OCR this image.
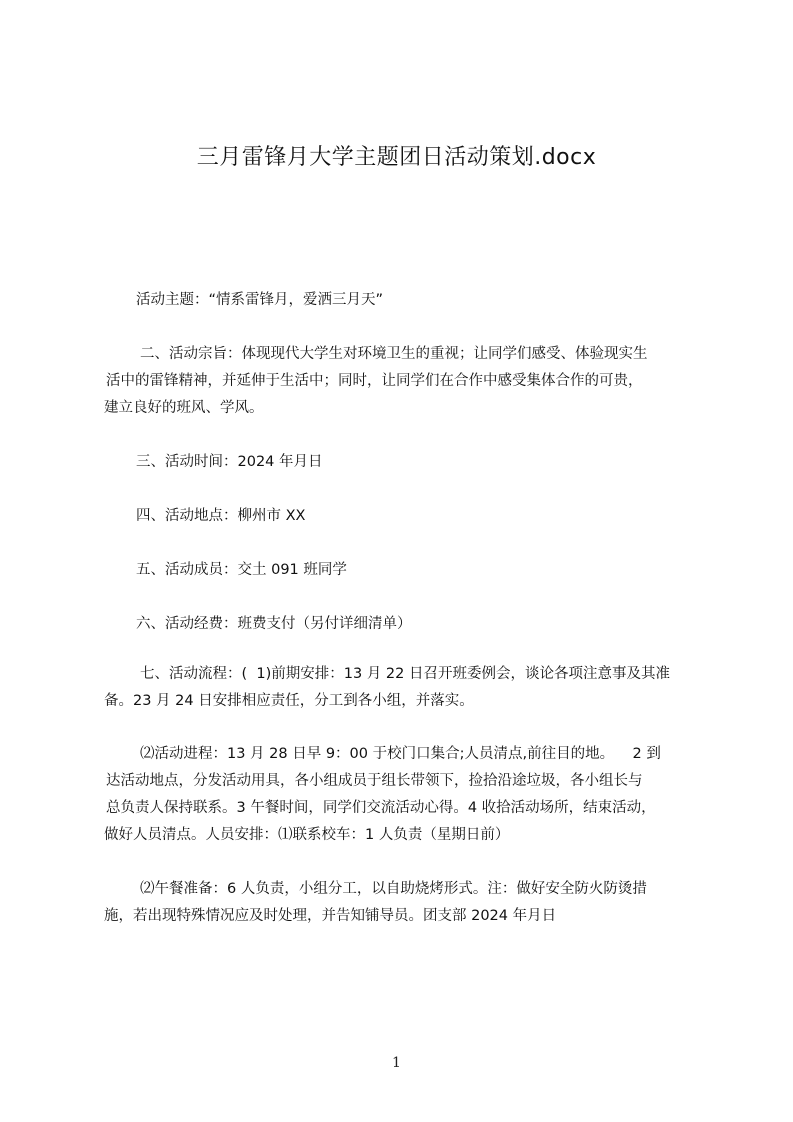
三月雷锋月大学主题团日活动策划.docx

活动主题：“情系雷锋月，爱洒三月天”

二、活动宗旨：体现现代大学生对环境卫生的重视；让同学们感受、体验现实生
活中的雷锋精神，并延伸于生活中；同时，让同学们在合作中感受集体合作的可贵，
建立良好的班风、学风。

三、活动时间：2024 年月日

四、活动地点：柳州市 XX

五、活动成员：交土 091 班同学

六、活动经费：班费支付（另付详细清单）

七、活动流程：(  1)前期安排：13 月 22 日召开班委例会，谈论各项注意事及其准
备。23 月 24 日安排相应责任，分工到各小组，并落实。
⑵活动进程：13 月 28 日早 9：00 于校门口集合;人员清点,前往目的地。    2 到
达活动地点，分发活动用具，各小组成员于组长带领下，捡拾沿途垃圾，各小组长与
总负责人保持联系。3 午餐时间，同学们交流活动心得。4 收拾活动场所，结束活动，
做好人员清点。人员安排：⑴联系校车：1 人负责（星期日前）
⑵午餐准备：6 人负责，小组分工，以自助烧烤形式。注：做好安全防火防烫措
施，若出现特殊情况应及时处理，并告知铺导员。团支部 2024 年月日
1
